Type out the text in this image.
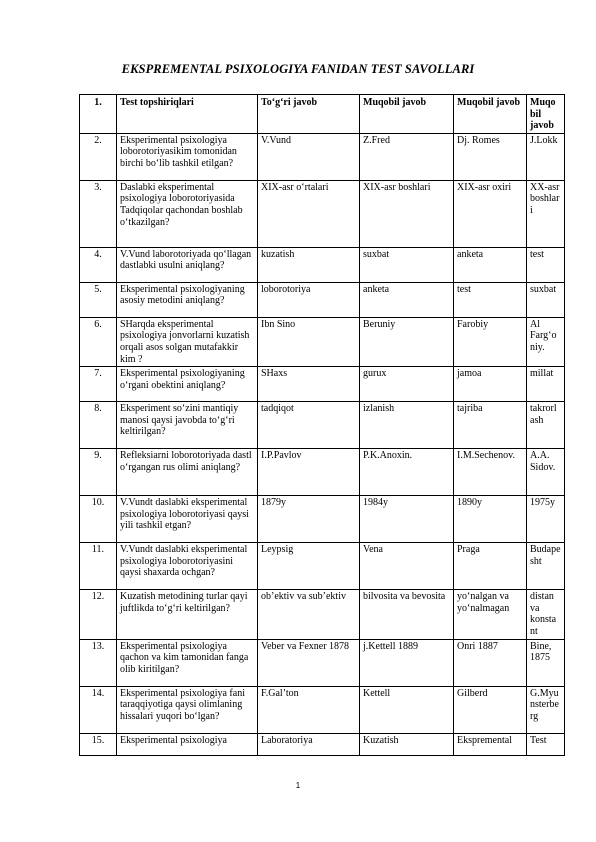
EKSPREMENTAL PSIXOLOGIYA FANIDAN TEST SAVOLLARI
1.	Test topshiriqlari	To‘g‘ri javob	Muqobil javob	Muqobil javob	Muqobil javob
2.	Eksperimental psixologiya loborotoriyasikim tomonidan birchi bo‘lib tashkil etilgan?	V.Vund	Z.Fred	Dj. Romes	J.Lokk
3.	Daslabki eksperimental psixologiya loborotoriyasida Tadqiqolar qachondan boshlab o‘tkazilgan?	XIX-asr o‘rtalari	XIX-asr boshlari	XIX-asr oxiri	XX-asr boshlari
4.	V.Vund laborotoriyada qo‘llagan dastlabki usulni aniqlang?	kuzatish	suxbat	anketa	test
5.	Eksperimental psixologiyaning asosiy metodini aniqlang?	loborotoriya	anketa	test	suxbat
6.	SHarqda eksperimental psixologiya jonvorlarni kuzatish orqali asos solgan mutafakkir kim ?	Ibn Sino	Beruniy	Farobiy	Al Farg‘oniy.
7.	Eksperimental psixologiyaning o‘rgani obektini aniqlang?	SHaxs	gurux	jamoa	millat
8.	Eksperiment so‘zini mantiqiy manosi qaysi javobda to‘g‘ri keltirilgan?	tadqiqot	izlanish	tajriba	takrorlash
9.	Refleksiarni loborotoriyada dastl o‘rgangan rus olimi aniqlang?	I.P.Pavlov	P.K.Anoxin.	I.M.Sechenov.	A.A. Sidov.
10.	V.Vundt daslabki eksperimental psixologiya loborotoriyasi qaysi yili tashkil etgan?	1879y	1984y	1890y	1975y
11.	V.Vundt daslabki eksperimental psixologiya loborotoriyasini qaysi shaxarda ochgan?	Leypsig	Vena	Praga	Budapesht
12.	Kuzatish metodining turlar qayi juftlikda to‘g‘ri keltirilgan?	ob’ektiv va sub’ektiv	bilvosita va bevosita	yo‘nalgan va yo‘nalmagan	distan va konstant
13.	Eksperimental psixologiya qachon va kim tamonidan fanga olib kiritilgan?	Veber va Fexner 1878	j.Kettell 1889	Onri 1887	Bine, 1875
14.	Eksperimental psixologiya fani taraqqiyotiga qaysi olimlaning hissalari yuqori bo‘lgan?	F.Gal’ton	Kettell	Gilberd	G.Myunsterberg
15.	Eksperimental psixologiya	Laboratoriya	Kuzatish	Ekspremental	Test
1
